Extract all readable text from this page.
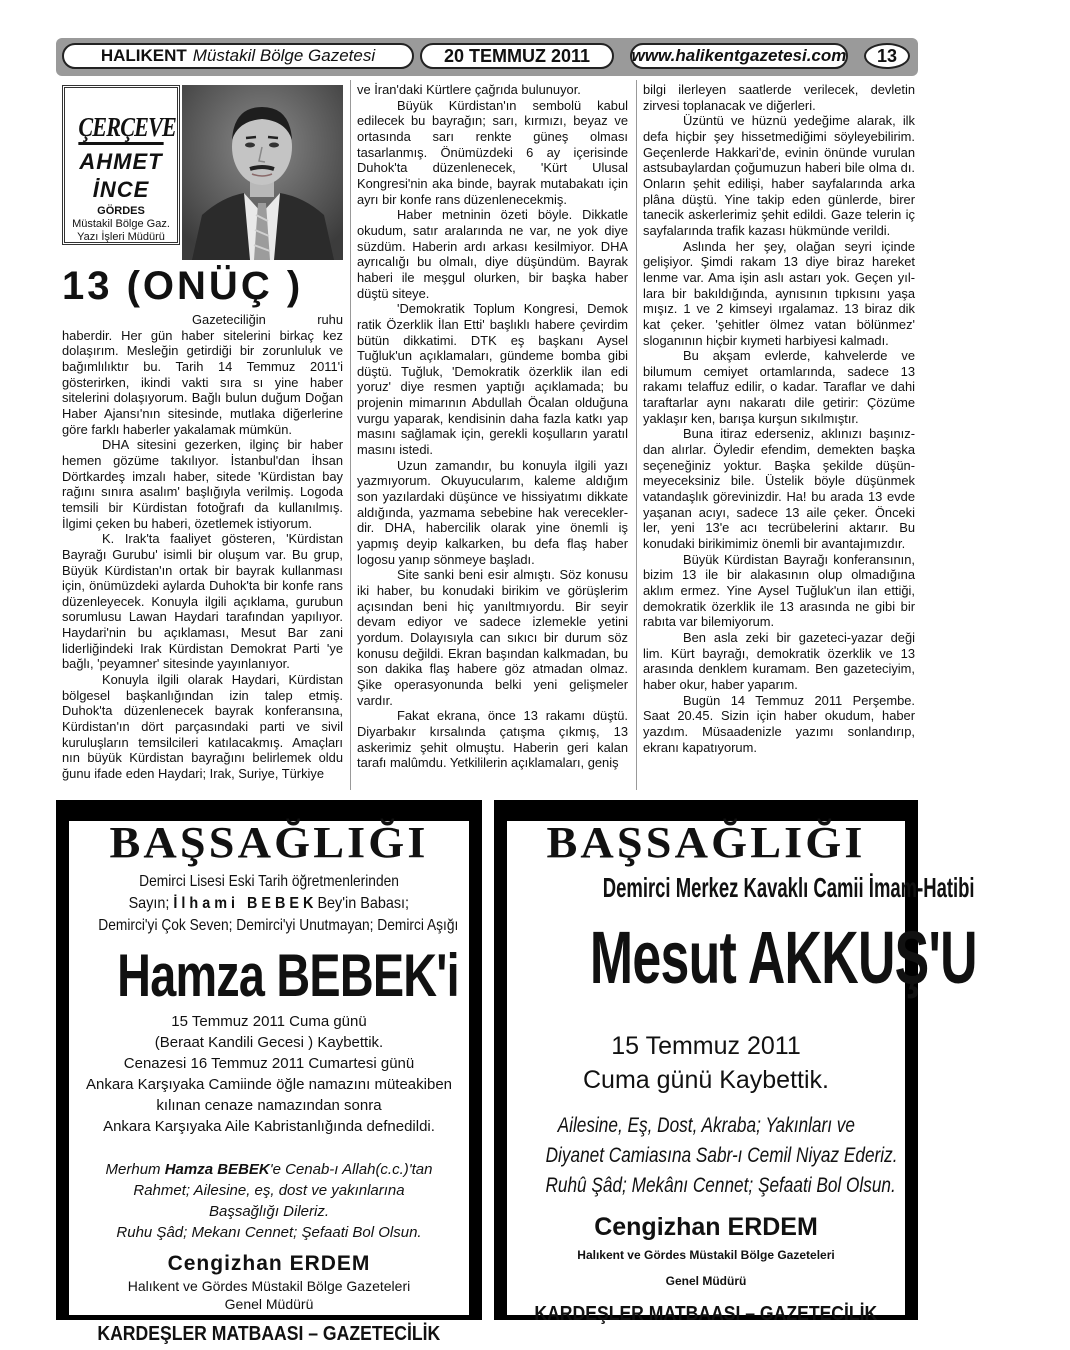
HALIKENT Müstakil Bölge Gazetesi	20 TEMMUZ 2011	www.halikentgazetesi.com	13
ÇERÇEVE
AHMET
İNCE
GÖRDES
Müstakil Bölge Gaz.
Yazı İşleri Müdürü
13 (ONÜÇ )

Gazeteciliğin ruhu haberdir. Her gün haber sitelerini birkaç kez dolaşırım. Mesleğin getirdiği bir zorunluluk ve bağımlılıktır bu. Tarih 14 Temmuz 2011'i gösterirken, ikindi vakti sıra sı yine haber sitelerini dolaşıyorum. Bağlı bulun duğum Doğan Haber Ajansı'nın sitesinde, mutlaka diğerlerine göre farklı haberler yakalamak mümkün.

DHA sitesini gezerken, ilginç bir haber hemen gözüme takılıyor. İstanbul'dan İhsan Dörtkardeş imzalı haber, sitede 'Kürdistan bay rağını sınıra asalım' başlığıyla verilmiş. Logoda temsili bir Kürdistan fotoğrafı da kullanılmış. İlgimi çeken bu haberi, özetlemek istiyorum.

K. Irak'ta faaliyet gösteren, 'Kürdistan Bayrağı Gurubu' isimli bir oluşum var. Bu grup, Büyük Kürdistan'ın ortak bir bayrak kullanması için, önümüzdeki aylarda Duhok'ta bir konfe rans düzenleyecek. Konuyla ilgili açıklama, gurubun sorumlusu Lawan Haydari tarafından yapılıyor. Haydari'nin bu açıklaması, Mesut Bar zani liderliğindeki Irak Kürdistan Demokrat Parti 'ye bağlı, 'peyamner' sitesinde yayınlanıyor.

Konuyla ilgili olarak Haydari, Kürdistan bölgesel başkanlığından izin talep etmiş. Duhok'ta düzenlenecek bayrak konferansına, Kürdistan'ın dört parçasındaki parti ve sivil kuruluşların temsilcileri katılacakmış. Amaçları nın büyük Kürdistan bayrağını belirlemek oldu ğunu ifade eden Haydari; Irak, Suriye, Türkiye

ve İran'daki Kürtlere çağrıda bulunuyor.

Büyük Kürdistan'ın sembolü kabul edilecek bu bayrağın; sarı, kırmızı, beyaz ve ortasında sarı renkte güneş olması tasarlanmış. Önümüzdeki 6 ay içerisinde Duhok'ta düzenlenecek, 'Kürt Ulusal Kongresi'nin aka binde, bayrak mutabakatı için ayrı bir konfe rans düzenlenecekmiş.

Haber metninin özeti böyle. Dikkatle okudum, satır aralarında ne var, ne yok diye süzdüm. Haberin ardı arkası kesilmiyor. DHA ayrıcalığı bu olmalı, diye düşündüm. Bayrak haberi ile meşgul olurken, bir başka haber düştü siteye.

'Demokratik Toplum Kongresi, Demok ratik Özerklik İlan Etti' başlıklı habere çevirdim bütün dikkatimi. DTK eş başkanı Aysel Tuğluk'un açıklamaları, gündeme bomba gibi düştü. Tuğluk, 'Demokratik özerklik ilan edi yoruz' diye resmen yaptığı açıklamada; bu projenin mimarının Abdullah Öcalan olduğuna vurgu yaparak, kendisinin daha fazla katkı yap masını sağlamak için, gerekli koşulların yaratıl masını istedi.

Uzun zamandır, bu konuyla ilgili yazı yazmıyorum. Okuyucularım, kaleme aldığım son yazılardaki düşünce ve hissiyatımı dikkate aldığında, yazmama sebebine hak vereceklerdir. DHA, habercilik olarak yine önemli iş yapmış deyip kalkarken, bu defa flaş haber logosu yanıp sönmeye başladı.

Site sanki beni esir almıştı. Söz konusu iki haber, bu konudaki birikim ve görüşlerim açısından beni hiç yanıltmıyordu. Bir seyir devam ediyor ve sadece izlemekle yetini yordum. Dolayısıyla can sıkıcı bir durum söz konusu değildi. Ekran başından kalkmadan, bu son dakika flaş habere göz atmadan olmaz. Şike operasyonunda belki yeni gelişmeler vardır.

Fakat ekrana, önce 13 rakamı düştü. Diyarbakır kırsalında çatışma çıkmış, 13 askerimiz şehit olmuştu. Haberin geri kalan tarafı malûmdu. Yetkililerin açıklamaları, geniş

bilgi ilerleyen saatlerde verilecek, devletin zirvesi toplanacak ve diğerleri.

Üzüntü ve hüznü yedeğime alarak, ilk defa hiçbir şey hissetmediğimi söyleyebilirim. Geçenlerde Hakkari'de, evinin önünde vurulan astsubaylardan çoğumuzun haberi bile olma dı. Onların şehit edilişi, haber sayfalarında arka plâna düştü. Yine takip eden günlerde, birer tanecik askerlerimiz şehit edildi. Gaze telerin iç sayfalarında trafik kazası hükmünde verildi.

Aslında her şey, olağan seyri içinde gelişiyor. Şimdi rakam 13 diye biraz hareket lenme var. Ama işin aslı astarı yok. Geçen yıllara bir bakıldığında, aynısının tıpkısını yaşa mışız. 1 ve 2 kimseyi ırgalamaz. 13 biraz dik kat çeker. 'şehitler ölmez vatan bölünmez' sloganının hiçbir kıymeti harbiyesi kalmadı.

Bu akşam evlerde, kahvelerde ve bilumum cemiyet ortamlarında, sadece 13 rakamı telaffuz edilir, o kadar. Taraflar ve dahi taraftarlar aynı nakaratı dile getirir: Çözüme yaklaşır ken, barışa kurşun sıkılmıştır.

Buna itiraz ederseniz, aklınızı başınızdan alırlar. Öyledir efendim, demekten başka seçeneğiniz yoktur. Başka şekilde düşünmeyeceksiniz bile. Üstelik böyle düşünmek vatandaşlık görevinizdir. Ha! bu arada 13 evde yaşanan acıyı, sadece 13 aile çeker. Önceki ler, yeni 13'e acı tecrübelerini aktarır. Bu konudaki birikimimiz önemli bir avantajımızdır.

Büyük Kürdistan Bayrağı konferansının, bizim 13 ile bir alakasının olup olmadığına aklım ermez. Yine Aysel Tuğluk'un ilan ettiği, demokratik özerklik ile 13 arasında ne gibi bir rabıta var bilemiyorum.

Ben asla zeki bir gazeteci-yazar deği lim. Kürt bayrağı, demokratik özerklik ve 13 arasında denklem kuramam. Ben gazeteciyim, haber okur, haber yaparım.

Bugün 14 Temmuz 2011 Perşembe. Saat 20.45. Sizin için haber okudum, haber yazdım. Müsaadenizle yazımı sonlandırıp, ekranı kapatıyorum.

BAŞSAĞLIĞI
Demirci Lisesi Eski Tarih öğretmenlerinden
Sayın; İ l h a m i   B E B E K Bey'in Babası;
Demirci'yi Çok Seven; Demirci'yi Unutmayan; Demirci Aşığı
Hamza BEBEK'i
15 Temmuz 2011 Cuma günü
(Beraat Kandili Gecesi ) Kaybettik.
Cenazesi 16 Temmuz 2011 Cumartesi günü
Ankara Karşıyaka Camiinde öğle namazını müteakiben
kılınan cenaze namazından sonra
Ankara Karşıyaka Aile Kabristanlığında defnedildi.
Merhum Hamza BEBEK'e Cenab-ı Allah(c.c.)'tan
Rahmet; Ailesine, eş, dost ve yakınlarına
Başsağlığı Dileriz.
Ruhu Şâd; Mekanı Cennet; Şefaati Bol Olsun.
Cengizhan ERDEM
Halıkent ve Gördes Müstakil Bölge Gazeteleri
Genel Müdürü
KARDEŞLER MATBAASI – GAZETECİLİK
BAŞSAĞLIĞI
Demirci Merkez Kavaklı Camii İmam-Hatibi
Mesut AKKUŞ'U
15 Temmuz 2011
Cuma günü Kaybettik.
Ailesine, Eş, Dost, Akraba; Yakınları ve
Diyanet Camiasına Sabr-ı Cemil Niyaz Ederiz.
Ruhû Şâd; Mekânı Cennet; Şefaati Bol Olsun.
Cengizhan ERDEM
Halıkent ve Gördes Müstakil Bölge Gazeteleri
Genel Müdürü
KARDEŞLER MATBAASI – GAZETECİLİK
